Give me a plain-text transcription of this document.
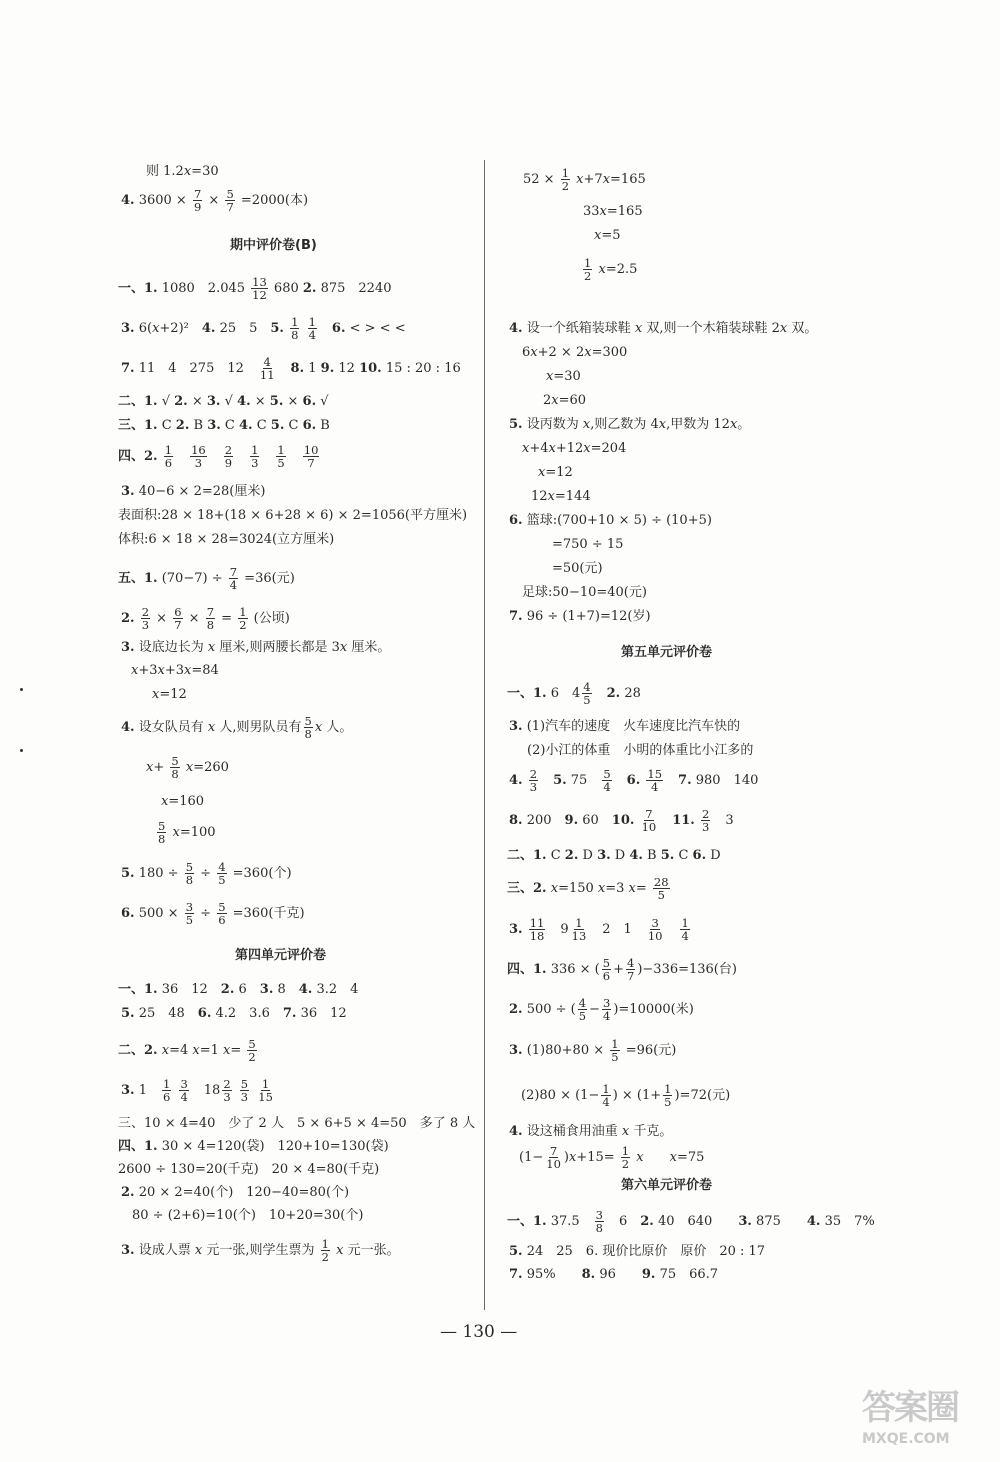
则 1.2x=30
4. $3600 \times \frac{7}{9} \times \frac{5}{7} =2000$(本)
期中评价卷(B)
一、1. 1080　$2.045 \frac{13}{12} 680$ 2. 875　2240
3. 6(x+2)²　4. 25　5　5. $\frac{1}{8}$
$\frac{1}{4}$
　 6. < > < <
7. 11　4　275　12　 $\frac{4}{11}$
　 8. 1 9. 12 10. 15 : 20 : 16
二、1. √ 2. × 3. √ 4. × 5. × 6. √
三、1. C 2. B 3. C 4. C 5. C 6. B
四、2. $\frac{1}{6}$
　 $\frac{16}{3}$
　 $\frac{2}{9}$
　 $\frac{1}{3}$
　 $\frac{1}{5}$
　 $\frac{10}{7}$
3. 40−6 × 2=28(厘米)
表面积:28 × 18+(18 × 6+28 × 6) × 2=1056(平方厘米)
体积:6 × 18 × 28=3024(立方厘米)
五、1. $(70-7) \div \frac{7}{4} =36$(元)
2. $\frac{2}{3} \times \frac{6}{7} \times \frac{7}{8} = \frac{1}{2}$ (公顷)
3. 设底边长为 x 厘米,则两腰长都是 3x 厘米。
x+3x+3x=84
x=12
4. 设女队员有 x 人,则男队员有 $\frac{5}{8}$ x 人。
$x+ \frac{5}{8} x=260$
x=160
$\frac{5}{8} x=100$
5. $180 \div \frac{5}{8} \div \frac{4}{5} =360$(个)
6. $500 \times \frac{3}{5} \div \frac{5}{6} =360$(千克)
第四单元评价卷
一、1. 36　12　2. 6　3. 8　4. 3.2　4
5. 25　48　6. 4.2　3.6　7. 36　12
二、2. x=4 x=1 $x= \frac{5}{2}$
3. 1　 $\frac{1}{6}$
$\frac{3}{4}$ 　$18 \frac{2}{3}$
$\frac{5}{3}$
$\frac{1}{15}$
三、10 × 4=40　少了 2 人　5 × 6+5 × 4=50　多了 8 人
四、1. 30 × 4=120(袋)　120+10=130(袋)
2600 ÷ 130=20(千克)　20 × 4=80(千克)
2. 20 × 2=40(个)　120−40=80(个)
80 ÷ (2+6)=10(个)　10+20=30(个)
3. 设成人票 x 元一张,则学生票为 $\frac{1}{2}$ x 元一张。
$52 \times \frac{1}{2} x+7x=165$
33x=165
x=5
$\frac{1}{2} x=2.5$
4. 设一个纸箱装球鞋 x 双,则一个木箱装球鞋 2x 双。
6x+2 × 2x=300
x=30
2x=60
5. 设丙数为 x,则乙数为 4x,甲数为 12x。
x+4x+12x=204
x=12
12x=144
6. 篮球:(700+10 × 5) ÷ (10+5)
=750 ÷ 15
=50(元)
足球:50−10=40(元)
7. 96 ÷ (1+7)=12(岁)
第五单元评价卷
一、1. 6　$4 \frac{4}{5}$
　 2. 28
3. (1)汽车的速度　火车速度比汽车快的
(2)小江的体重　小明的体重比小江多的
4. $\frac{2}{3}$
　 5. 75　 $\frac{5}{4}$
　 6. $\frac{15}{4}$
　 7. 980　140
8. 200　9. 60　10. $\frac{7}{10}$
　 11. $\frac{2}{3}$ 　3
二、1. C 2. D 3. D 4. B 5. C 6. D
三、2. x=150 x=3 $x= \frac{28}{5}$
3. $\frac{11}{18}$ 　$9 \frac{1}{13}$ 　2　1　 $\frac{3}{10}$
　 $\frac{1}{4}$
四、1. 336 × ( $\frac{5}{6} + \frac{4}{7} )-336=136$(台)
2. 500 ÷ ( $\frac{4}{5} - \frac{3}{4} )=10000$(米)
3. $(1)80+80 \times \frac{1}{5} =96$(元)
$(2)80 \times (1- \frac{1}{4}$ ) × $(1+ \frac{1}{5} )=72$(元)
4. 设这桶食用油重 x 千克。
$(1- \frac{7}{10} )x+15= \frac{1}{2}$ x　　 x=75
第六单元评价卷
一、1. 37.5　 $\frac{3}{8}$ 　6　2. 40　640　　3. 875　　4. 35　7%
5. 24　25　6. 现价比原价　原价　20 : 17
7. 95%　　8. 96　　9. 75　66.7
— 130 —
答案圈
MXQE.COM
